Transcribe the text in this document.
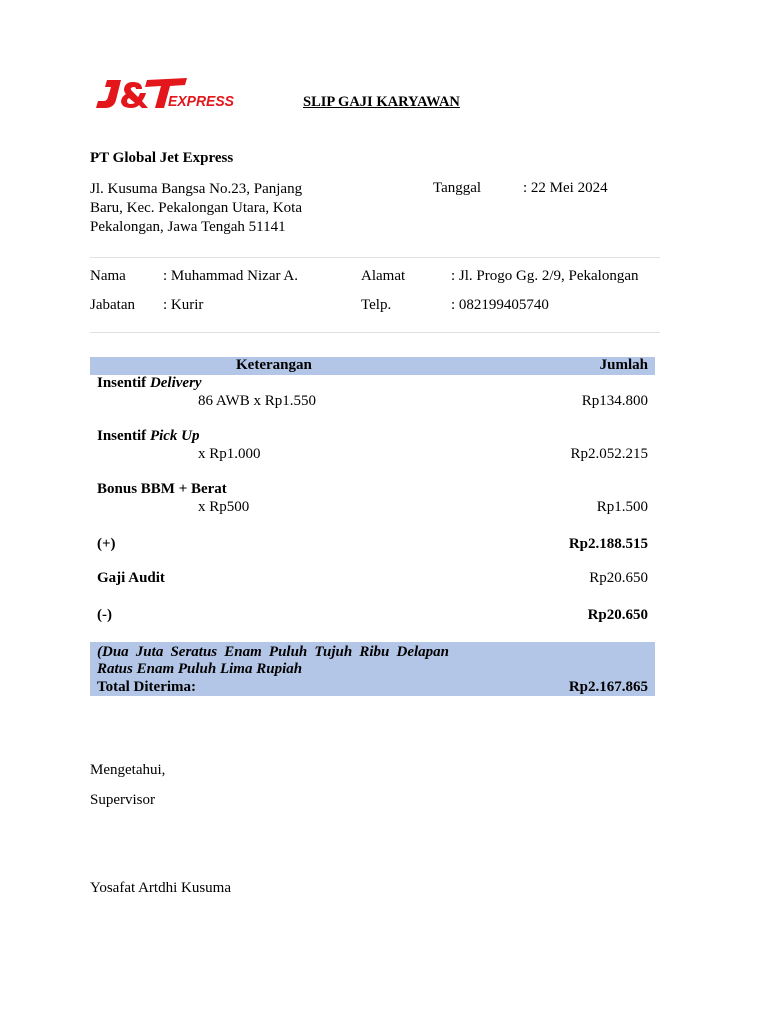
EXPRESS	SLIP GAJI KARYAWAN
PT Global Jet Express
Jl. Kusuma Bangsa No.23, Panjang
Baru, Kec. Pekalongan Utara, Kota
Pekalongan, Jawa Tengah 51141
Tanggal	: 22 Mei 2024
Nama : Muhammad Nizar A.	Alamat	: Jl. Progo Gg. 2/9, Pekalongan
Jabatan : Kurir	Telp.	: 082199405740
Keterangan	Jumlah
Insentif Delivery
86 AWB x Rp1.550	Rp134.800
Insentif Pick Up
x Rp1.000	Rp2.052.215
Bonus BBM + Berat
x Rp500	Rp1.500
(+)	Rp2.188.515
Gaji Audit	Rp20.650
(-)	Rp20.650
(Dua Juta Seratus Enam Puluh Tujuh Ribu Delapan
Ratus Enam Puluh Lima Rupiah
Total Diterima:	Rp2.167.865
Mengetahui,
Supervisor
Yosafat Artdhi Kusuma
